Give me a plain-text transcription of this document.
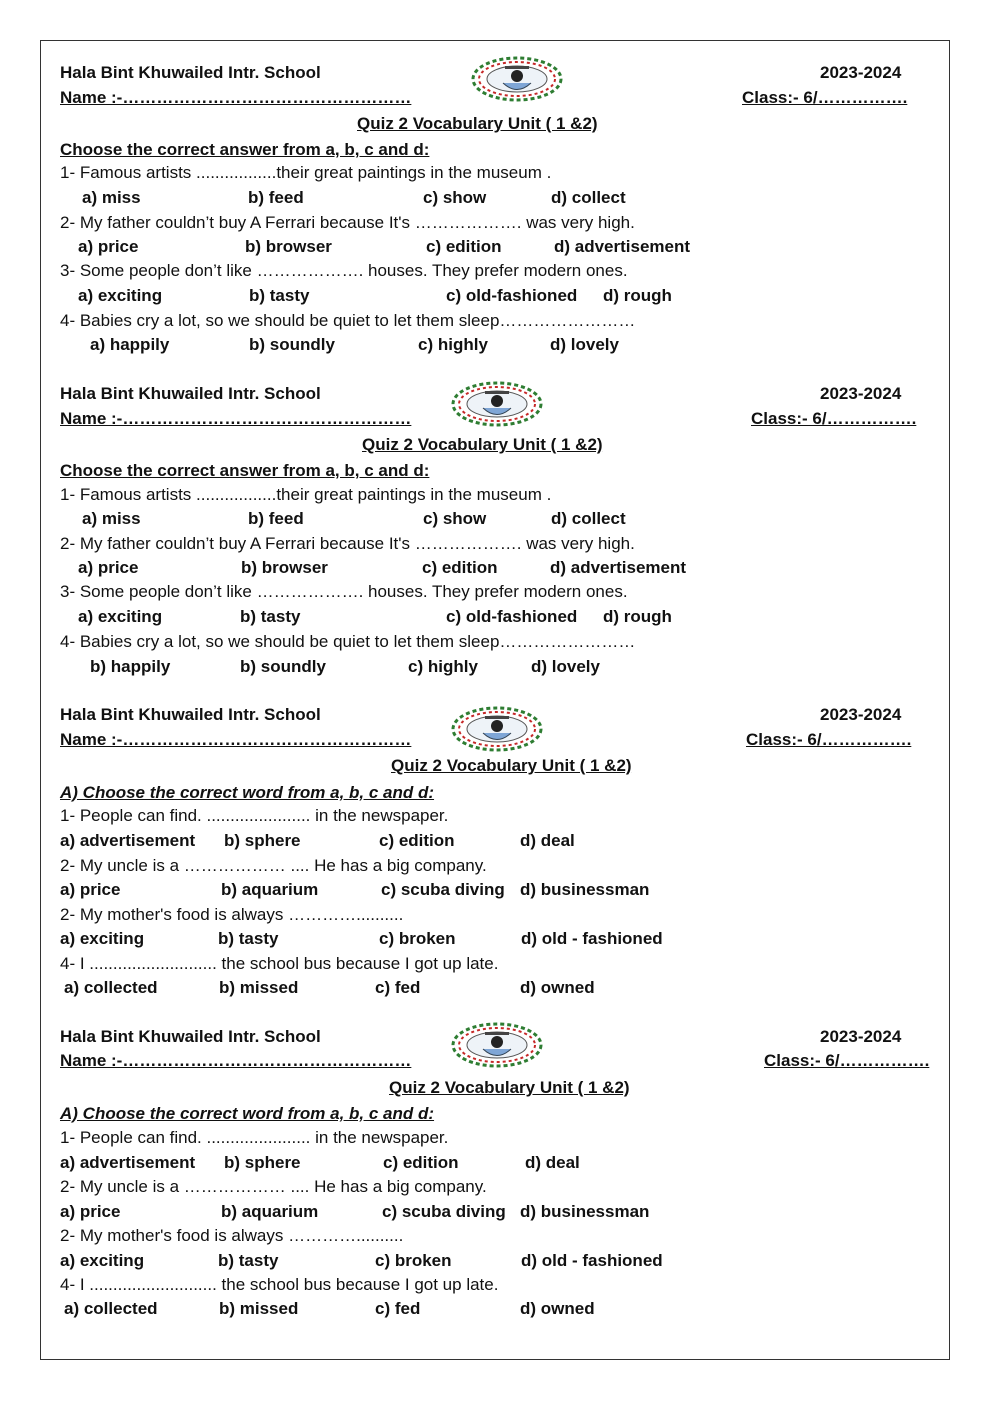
Hala Bint Khuwailed Intr. School	2023-2024
Name :-……………………………………………	Class:- 6/…………….
Quiz 2 Vocabulary Unit ( 1 &2)
Choose the correct answer from a, b, c and d:
1- Famous artists .................their great paintings in the museum .
a) miss	b) feed	c) show	d) collect
2- My father couldn’t buy A Ferrari because It's ………………. was very high.
a) price	b) browser	c) edition	d) advertisement
3- Some people don’t like ………………. houses. They prefer modern ones.
a) exciting	b) tasty	c) old-fashioned d) rough
4- Babies cry a lot, so we should be quiet to let them sleep……………………
a) happily	b) soundly	c) highly	d) lovely
Hala Bint Khuwailed Intr. School	2023-2024
Name :-……………………………………………	Class:- 6/…………….
Quiz 2 Vocabulary Unit ( 1 &2)
Choose the correct answer from a, b, c and d:
1- Famous artists .................their great paintings in the museum .
a) miss	b) feed	c) show	d) collect
2- My father couldn’t buy A Ferrari because It's ………………. was very high.
a) price	b) browser	c) edition	d) advertisement
3- Some people don’t like ………………. houses. They prefer modern ones.
a) exciting	b) tasty	c) old-fashioned d) rough
4- Babies cry a lot, so we should be quiet to let them sleep……………………
b) happily	b) soundly	c) highly	d) lovely
Hala Bint Khuwailed Intr. School	2023-2024
Name :-……………………………………………	Class:- 6/…………….
Quiz 2 Vocabulary Unit ( 1 &2)
A) Choose the correct word from a, b, c and d:
1- People can find. ...................... in the newspaper.
a) advertisement b) sphere	c) edition	d) deal
2- My uncle is a ……………… .... He has a big company.
a) price	b) aquarium	c) scuba diving d) businessman
2- My mother's food is always …………..........
a) exciting	b) tasty	c) broken	d) old - fashioned
4- I ........................... the school bus because I got up late.
a) collected	b) missed	c) fed	d) owned
Hala Bint Khuwailed Intr. School	2023-2024
Name :-……………………………………………	Class:- 6/…………….
Quiz 2 Vocabulary Unit ( 1 &2)
A) Choose the correct word from a, b, c and d:
1- People can find. ...................... in the newspaper.
a) advertisement b) sphere	c) edition	d) deal
2- My uncle is a ……………… .... He has a big company.
a) price	b) aquarium	c) scuba diving d) businessman
2- My mother's food is always …………..........
a) exciting	b) tasty	c) broken	d) old - fashioned
4- I ........................... the school bus because I got up late.
a) collected	b) missed	c) fed	d) owned
